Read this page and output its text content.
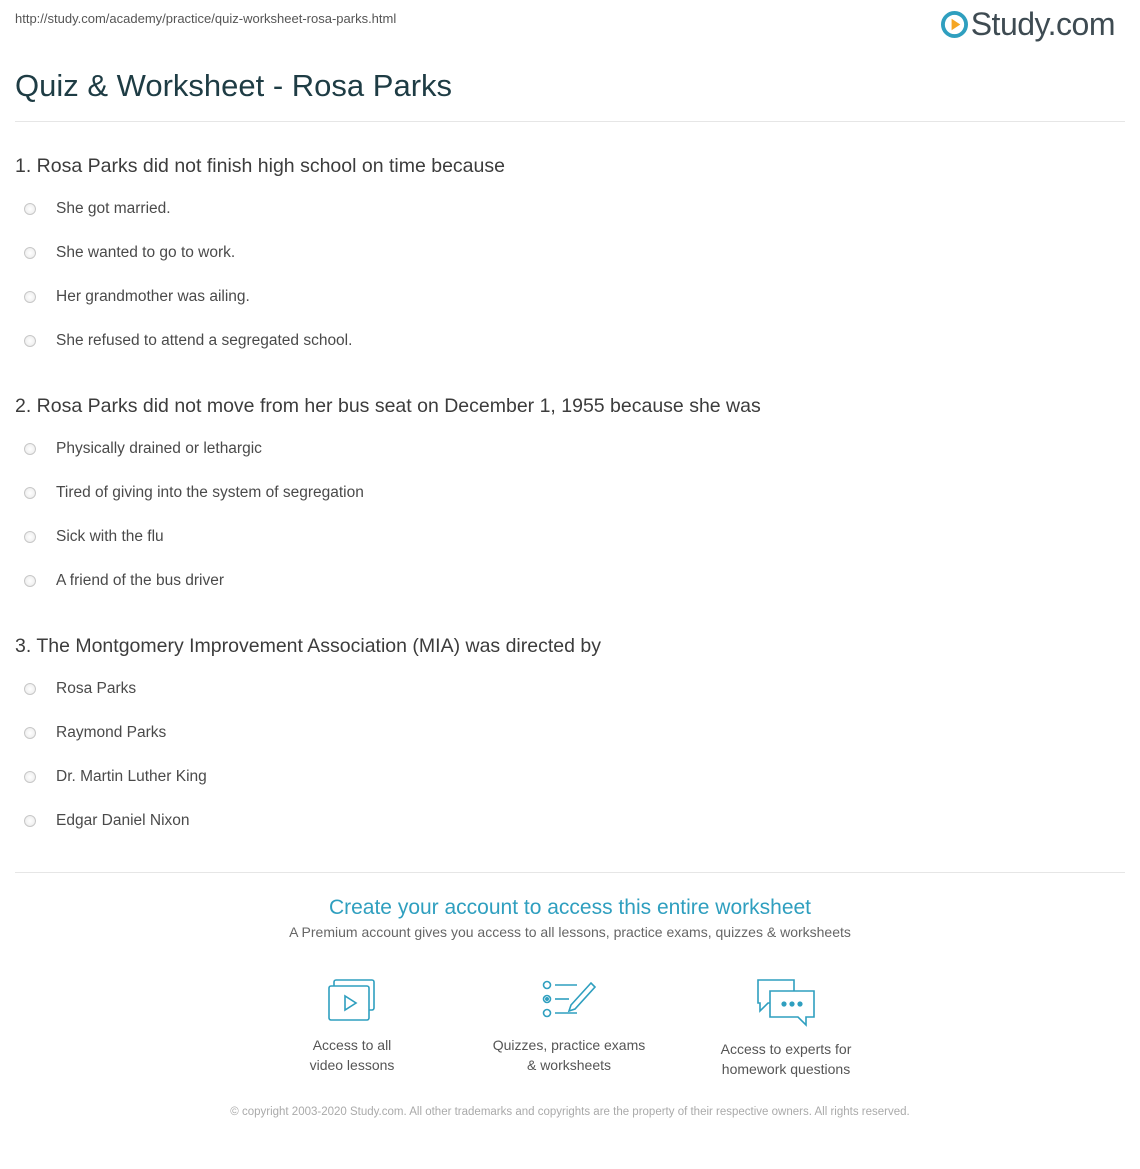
http://study.com/academy/practice/quiz-worksheet-rosa-parks.html	Study.com
Quiz & Worksheet - Rosa Parks
1. Rosa Parks did not finish high school on time because
She got married.
She wanted to go to work.
Her grandmother was ailing.
She refused to attend a segregated school.
2. Rosa Parks did not move from her bus seat on December 1, 1955 because she was
Physically drained or lethargic
Tired of giving into the system of segregation
Sick with the flu
A friend of the bus driver
3. The Montgomery Improvement Association (MIA) was directed by
Rosa Parks
Raymond Parks
Dr. Martin Luther King
Edgar Daniel Nixon
Create your account to access this entire worksheet
A Premium account gives you access to all lessons, practice exams, quizzes & worksheets
Access to all
video lessons
Quizzes, practice exams
& worksheets
Access to experts for
homework questions
© copyright 2003-2020 Study.com. All other trademarks and copyrights are the property of their respective owners. All rights reserved.
